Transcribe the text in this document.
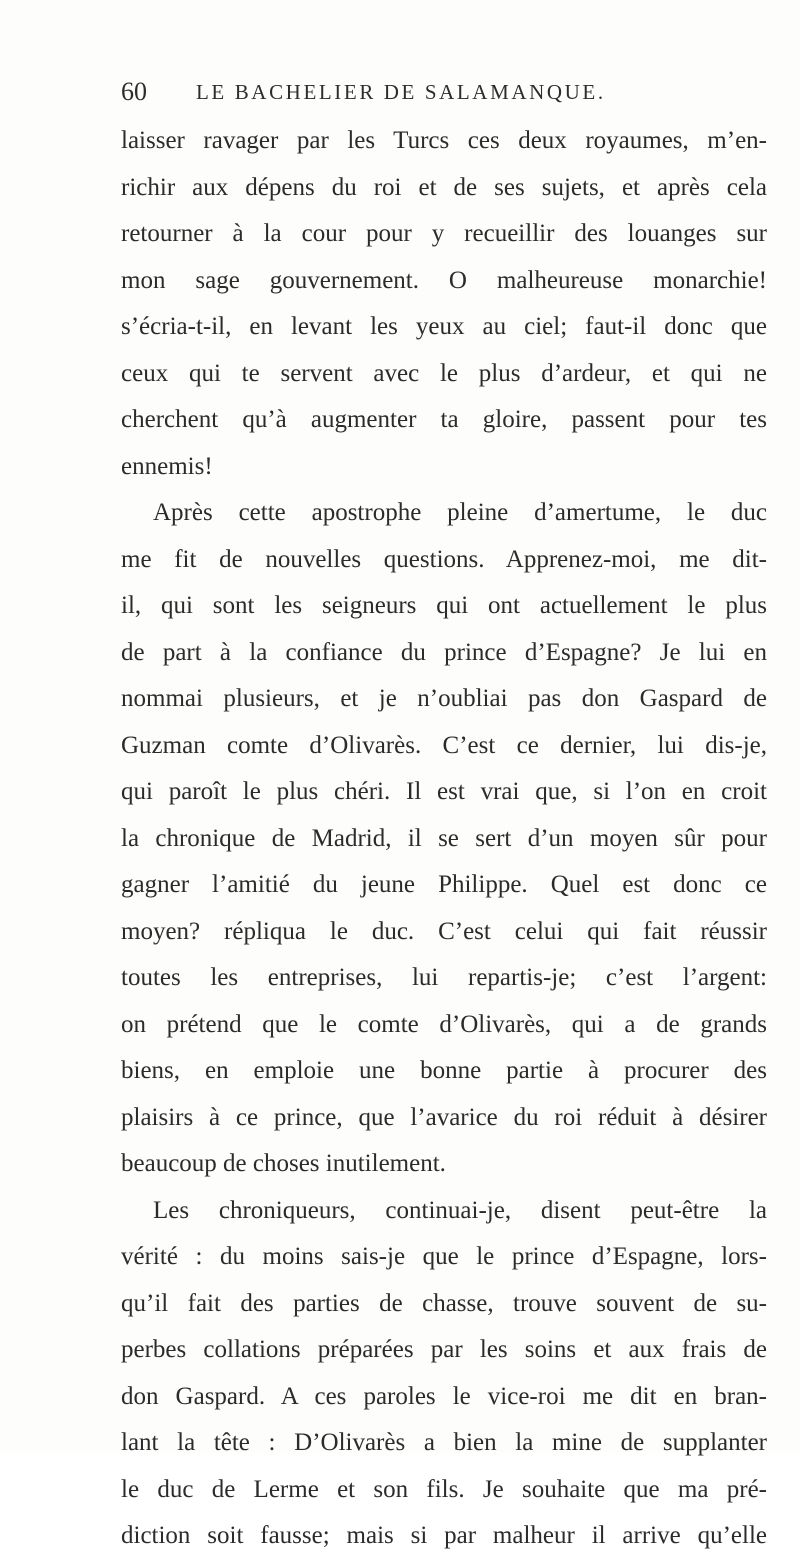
60 LE BACHELIER DE SALAMANQUE.
laisser ravager par les Turcs ces deux royaumes, m’en-
richir aux dépens du roi et de ses sujets, et après cela
retourner à la cour pour y recueillir des louanges sur
mon sage gouvernement. O malheureuse monarchie!
s’écria-t-il, en levant les yeux au ciel; faut-il donc que
ceux qui te servent avec le plus d’ardeur, et qui ne
cherchent qu’à augmenter ta gloire, passent pour tes
ennemis!
Après cette apostrophe pleine d’amertume, le duc
me fit de nouvelles questions. Apprenez-moi, me dit-
il, qui sont les seigneurs qui ont actuellement le plus
de part à la confiance du prince d’Espagne? Je lui en
nommai plusieurs, et je n’oubliai pas don Gaspard de
Guzman comte d’Olivarès. C’est ce dernier, lui dis-je,
qui paroît le plus chéri. Il est vrai que, si l’on en croit
la chronique de Madrid, il se sert d’un moyen sûr pour
gagner l’amitié du jeune Philippe. Quel est donc ce
moyen? répliqua le duc. C’est celui qui fait réussir
toutes les entreprises, lui repartis-je; c’est l’argent:
on prétend que le comte d’Olivarès, qui a de grands
biens, en emploie une bonne partie à procurer des
plaisirs à ce prince, que l’avarice du roi réduit à désirer
beaucoup de choses inutilement.
Les chroniqueurs, continuai-je, disent peut-être la
vérité : du moins sais-je que le prince d’Espagne, lors-
qu’il fait des parties de chasse, trouve souvent de su-
perbes collations préparées par les soins et aux frais de
don Gaspard. A ces paroles le vice-roi me dit en bran-
lant la tête : D’Olivarès a bien la mine de supplanter
le duc de Lerme et son fils. Je souhaite que ma pré-
diction soit fausse; mais si par malheur il arrive qu’elle
